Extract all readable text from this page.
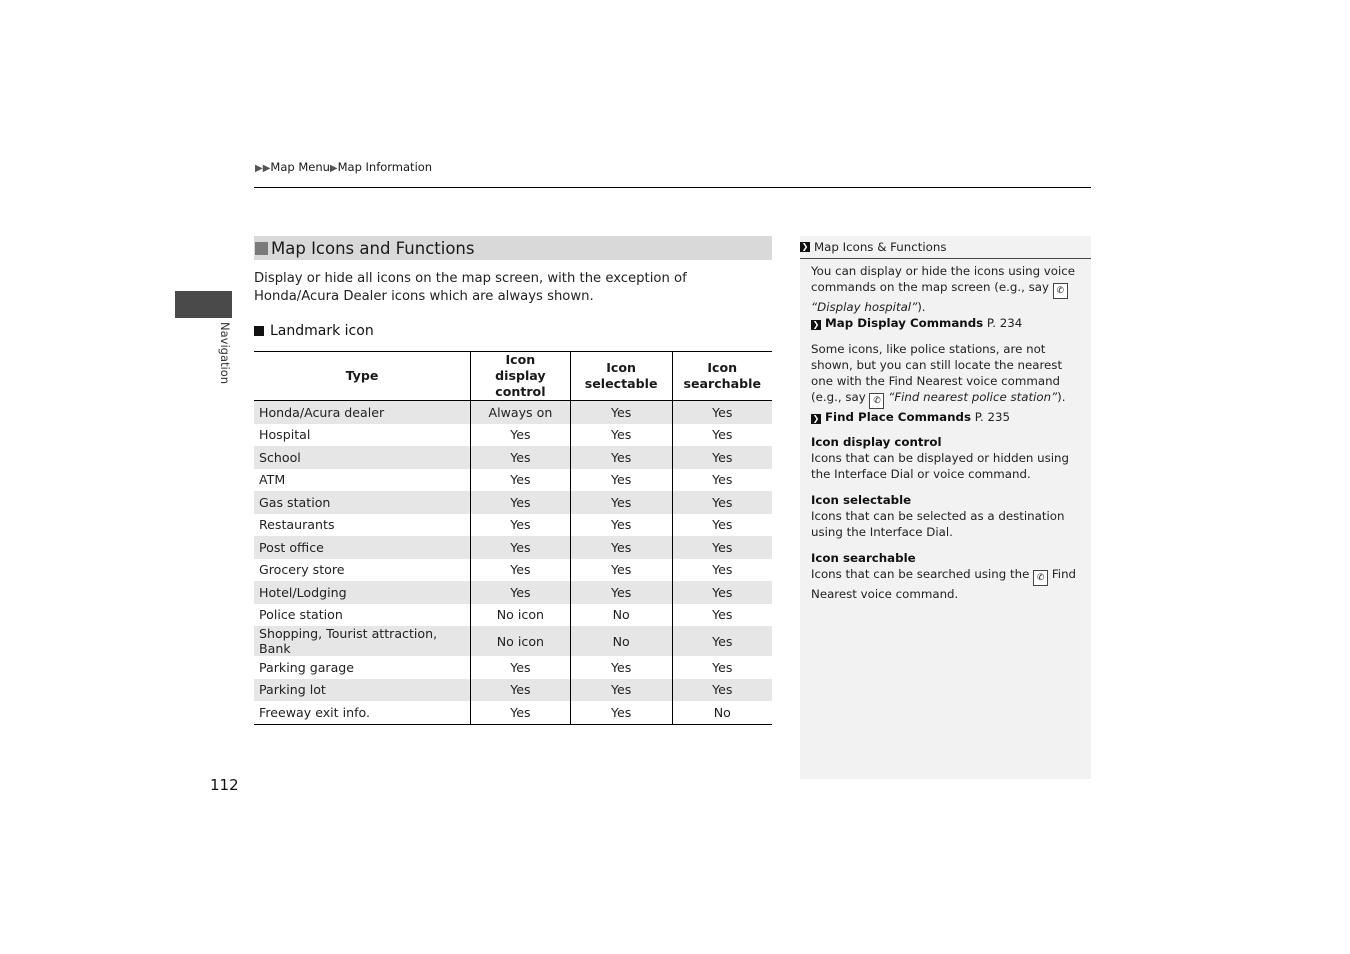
▶▶Map Menu▶Map Information
Navigation
Map Icons and Functions
Display or hide all icons on the map screen, with the exception of Honda/Acura Dealer icons which are always shown.
Landmark icon
Type	Icon display control	Icon selectable	Icon searchable
Honda/Acura dealer	Always on	Yes	Yes
Hospital	Yes	Yes	Yes
School	Yes	Yes	Yes
ATM	Yes	Yes	Yes
Gas station	Yes	Yes	Yes
Restaurants	Yes	Yes	Yes
Post office	Yes	Yes	Yes
Grocery store	Yes	Yes	Yes
Hotel/Lodging	Yes	Yes	Yes
Police station	No icon	No	Yes
Shopping, Tourist attraction, Bank	No icon	No	Yes
Parking garage	Yes	Yes	Yes
Parking lot	Yes	Yes	Yes
Freeway exit info.	Yes	Yes	No
❯ Map Icons & Functions

You can display or hide the icons using voice commands on the map screen (e.g., say ✆
“Display hospital”).
❯ Map Display Commands P. 234

Some icons, like police stations, are not shown, but you can still locate the nearest one with the Find Nearest voice command (e.g., say ✆ “Find nearest police station”).
❯ Find Place Commands P. 235

Icon display control
Icons that can be displayed or hidden using the Interface Dial or voice command.

Icon selectable
Icons that can be selected as a destination using the Interface Dial.

Icon searchable
Icons that can be searched using the ✆ Find Nearest voice command.

112
